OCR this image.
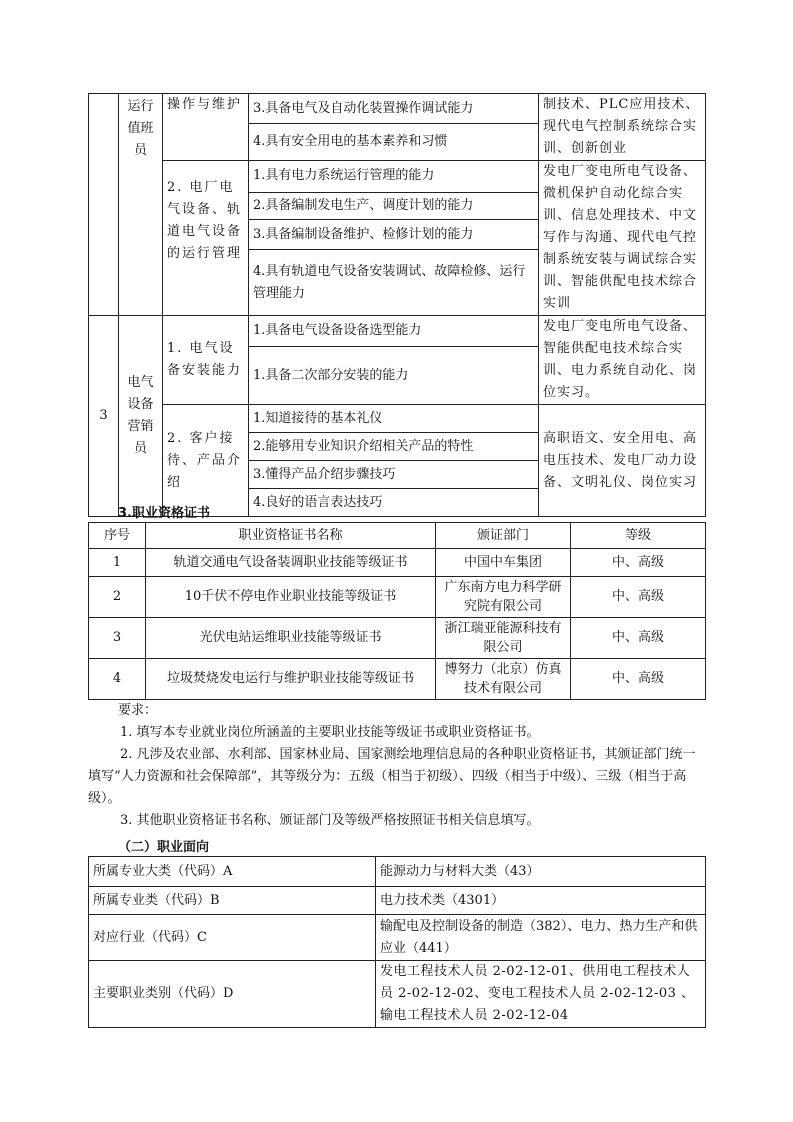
	运行值班员	操作与维护	3.具备电气及自动化装置操作调试能力	制技术、PLC应用技术、现代电气控制系统综合实训、创新创业
			4.具有安全用电的基本素养和习惯	
		2. 电厂电气设备、轨道电气设备的运行管理	1.具有电力系统运行管理的能力	发电厂变电所电气设备、微机保护自动化综合实训、信息处理技术、中文写作与沟通、现代电气控制系统安装与调试综合实训、智能供配电技术综合实训
			2.具备编制发电生产、调度计划的能力	
			3.具备编制设备维护、检修计划的能力	
			4.具有轨道电气设备安装调试、故障检修、运行管理能力	
3	电气设备营销员	1. 电气设备安装能力	1.具备电气设备设备选型能力	发电厂变电所电气设备、智能供配电技术综合实训、电力系统自动化、岗位实习。
			1.具备二次部分安装的能力	
		2. 客户接待、产品介绍	1.知道接待的基本礼仪	高职语文、安全用电、高电压技术、发电厂动力设备、文明礼仪、岗位实习
			2.能够用专业知识介绍相关产品的特性	
			3.懂得产品介绍步骤技巧	
			4.良好的语言表达技巧	
3.职业资格证书
序号	职业资格证书名称	颁证部门	等级
1	轨道交通电气设备装调职业技能等级证书	中国中车集团	中、高级
2	10千伏不停电作业职业技能等级证书	广东南方电力科学研究院有限公司	中、高级
3	光伏电站运维职业技能等级证书	浙江瑞亚能源科技有限公司	中、高级
4	垃圾焚烧发电运行与维护职业技能等级证书	博努力（北京）仿真技术有限公司	中、高级
要求：
1. 填写本专业就业岗位所涵盖的主要职业技能等级证书或职业资格证书。
2. 凡涉及农业部、水利部、国家林业局、国家测绘地理信息局的各种职业资格证书，其颁证部门统一填写“人力资源和社会保障部”，其等级分为：五级（相当于初级）、四级（相当于中级）、三级（相当于高级）。
3. 其他职业资格证书名称、颁证部门及等级严格按照证书相关信息填写。
（二）职业面向
所属专业大类（代码）A	能源动力与材料大类（43）
所属专业类（代码）B	电力技术类（4301）
对应行业（代码）C	输配电及控制设备的制造（382）、电力、热力生产和供应业（441）
主要职业类别（代码）D	发电工程技术人员 2-02-12-01、供用电工程技术人员 2-02-12-02、变电工程技术人员 2-02-12-03 、输电工程技术人员 2-02-12-04
